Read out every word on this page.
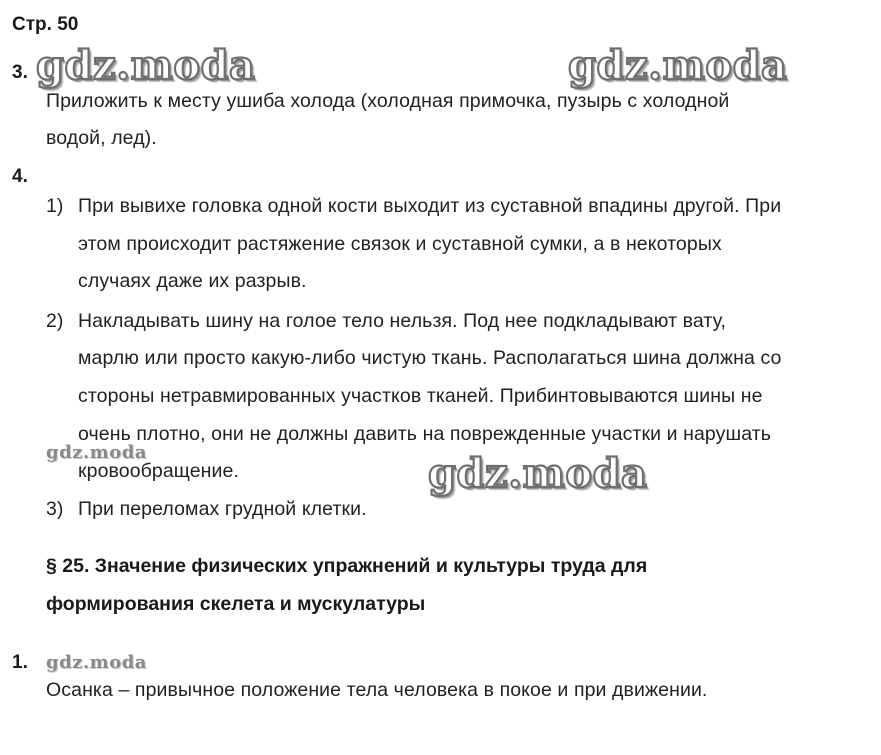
Стр. 50
3.
Приложить к месту ушиба холода (холодная примочка, пузырь с холодной
водой, лед).
4.
1) При вывихе головка одной кости выходит из суставной впадины другой. При
этом происходит растяжение связок и суставной сумки, а в некоторых
случаях даже их разрыв.
2) Накладывать шину на голое тело нельзя. Под нее подкладывают вату,
марлю или просто какую-либо чистую ткань. Располагаться шина должна со
стороны нетравмированных участков тканей. Прибинтовываются шины не
очень плотно, они не должны давить на поврежденные участки и нарушать
кровообращение.
3) При переломах грудной клетки.
§ 25. Значение физических упражнений и культуры труда для
формирования скелета и мускулатуры
1.
Осанка – привычное положение тела человека в покое и при движении.
gdz.moda	gdz.moda
gdz.moda
gdz.moda
gdz.moda
